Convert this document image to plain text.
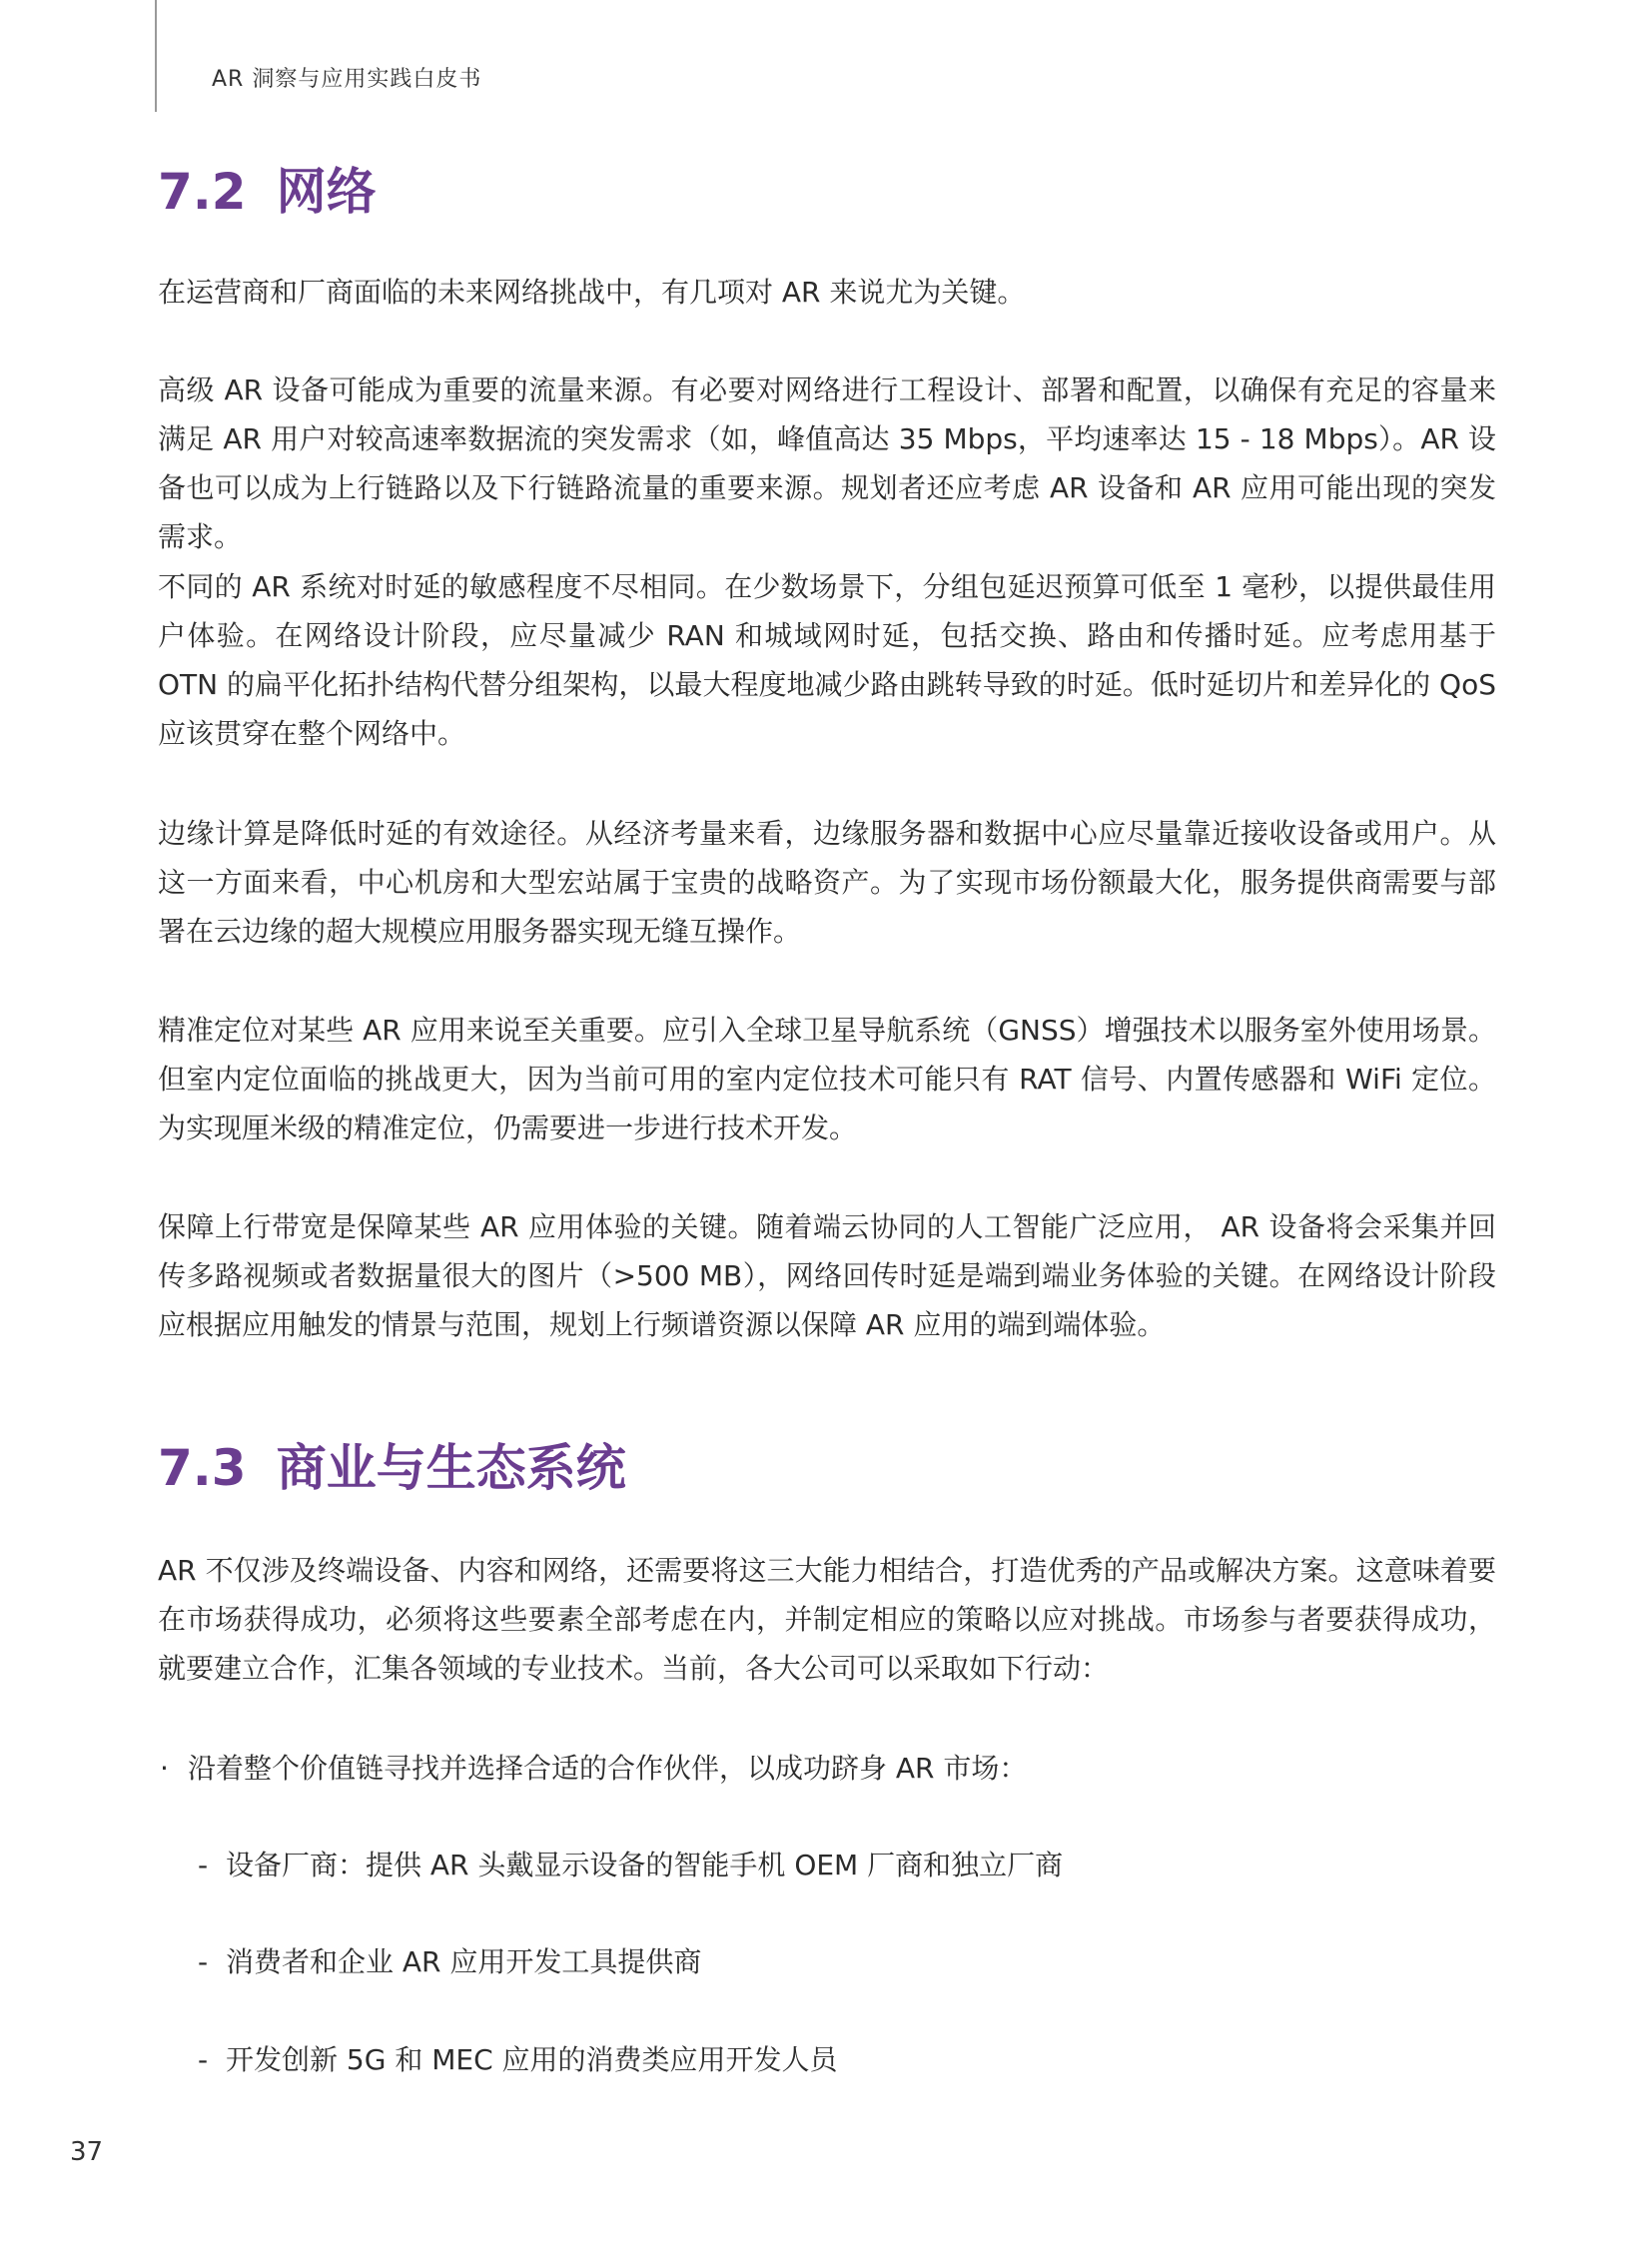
AR 洞察与应用实践白皮书
7.2 网络

在运营商和厂商面临的未来网络挑战中，有几项对 AR 来说尤为关键。

高级 AR 设备可能成为重要的流量来源。有必要对网络进行工程设计、部署和配置，以确保有充足的容量来满足 AR 用户对较高速率数据流的突发需求（如，峰值高达 35 Mbps，平均速率达 15 - 18 Mbps）。AR 设备也可以成为上行链路以及下行链路流量的重要来源。规划者还应考虑 AR 设备和 AR 应用可能出现的突发需求。

不同的 AR 系统对时延的敏感程度不尽相同。在少数场景下，分组包延迟预算可低至 1 毫秒，以提供最佳用户体验。在网络设计阶段，应尽量减少 RAN 和城域网时延，包括交换、路由和传播时延。应考虑用基于 OTN 的扁平化拓扑结构代替分组架构，以最大程度地减少路由跳转导致的时延。低时延切片和差异化的 QoS 应该贯穿在整个网络中。

边缘计算是降低时延的有效途径。从经济考量来看，边缘服务器和数据中心应尽量靠近接收设备或用户。从这一方面来看，中心机房和大型宏站属于宝贵的战略资产。为了实现市场份额最大化，服务提供商需要与部署在云边缘的超大规模应用服务器实现无缝互操作。

精准定位对某些 AR 应用来说至关重要。应引入全球卫星导航系统（GNSS）增强技术以服务室外使用场景。但室内定位面临的挑战更大，因为当前可用的室内定位技术可能只有 RAT 信号、内置传感器和 WiFi 定位。为实现厘米级的精准定位，仍需要进一步进行技术开发。

保障上行带宽是保障某些 AR 应用体验的关键。随着端云协同的人工智能广泛应用， AR 设备将会采集并回传多路视频或者数据量很大的图片（>500 MB），网络回传时延是端到端业务体验的关键。在网络设计阶段应根据应用触发的情景与范围，规划上行频谱资源以保障 AR 应用的端到端体验。

7.3 商业与生态系统

AR 不仅涉及终端设备、内容和网络，还需要将这三大能力相结合，打造优秀的产品或解决方案。这意味着要在市场获得成功，必须将这些要素全部考虑在内，并制定相应的策略以应对挑战。市场参与者要获得成功，就要建立合作，汇集各领域的专业技术。当前，各大公司可以采取如下行动：

· 沿着整个价值链寻找并选择合适的合作伙伴，以成功跻身 AR 市场：

- 设备厂商：提供 AR 头戴显示设备的智能手机 OEM 厂商和独立厂商

- 消费者和企业 AR 应用开发工具提供商

- 开发创新 5G 和 MEC 应用的消费类应用开发人员

37
